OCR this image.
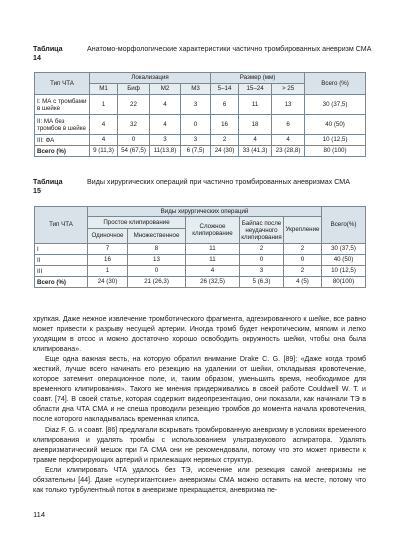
Таблица 14
Анатомо-морфологические характеристики частично тромбированных аневризм СМА
Тип ЧТА	Локализация				Размер (мм)			Всего (%)
	М1	Биф	М2	М3	5–14	15–24	> 25	
I: МА с тромбами в шейке	1	22	4	3	6	11	13	30 (37,5)
II: МА без тромбов в шейке	4	32	4	0	16	18	6	40 (50)
III: ФА	4	0	3	3	2	4	4	10 (12,5)
Всего (%)	9 (11,3)	54 (67,5)	11(13,8)	6 (7,5)	24 (30)	33 (41,3)	23 (28,8)	80 (100)
Таблица 15
Виды хирургических операций при частично тромбированных аневризмах СМА
Тип ЧТА	Виды хирургических операций					Всего(%)
	Простое клипирование		Сложное клипирование	Байпас после неудачного клипирования	Укрепление	
	Одиночное	Множественное				
I	7	8	11	2	2	30 (37,5)
II	16	13	11	0	0	40 (50)
III	1	0	4	3	2	10 (12,5)
Всего (%)	24 (30)	21 (26,3)	26 (32,5)	5 (6,3)	4 (5)	80(100)

хрупкая. Даже нежное извлечение тромботического фрагмента, адгезированного к шейке, все равно может привести к разрыву несущей артерии. Иногда тромб будет некротическим, мягким и легко уходящим в отсос и можно достаточно хорошо освободить окружность шейки, чтобы она была клипирована».

Еще одна важная весть, на которую обратил внимание Drake C. G. [89]: «Даже когда тромб жесткий, лучше всего начинать его резекцию на удалении от шейки, откладывая кровотечение, которое затемнит операционное поле, и, таким образом, уменьшить время, необходимое для временного клипирования». Такого же мнения придерживались в своей работе Couldwell W. T. и соавт. [74]. В своей статье, которая содержит видеопрезентацию, они показали, как начинали ТЭ в области дна ЧТА СМА и не спеша проводили резекцию тромбов до момента начала кровотечения, после которого накладывалась временная клипса.

Diaz F. G. и соавт. [86] предлагали вскрывать тромбированную аневризму в условиях временного клипирования и удалять тромбы с использованием ультразвукового аспиратора. Удалять аневризматический мешок при ГА СМА они не рекомендовали, потому что это может привести к травме перфорирующих артерий и прилежащих нервных структур.

Если клипировать ЧТА удалось без ТЭ, иссечение или резекция самой аневризмы не обязательны [44]. Даже «супергигантские» аневризмы СМА можно оставить на месте, потому что как только турбулентный поток в аневризме прекращается, аневризма пе-

114
